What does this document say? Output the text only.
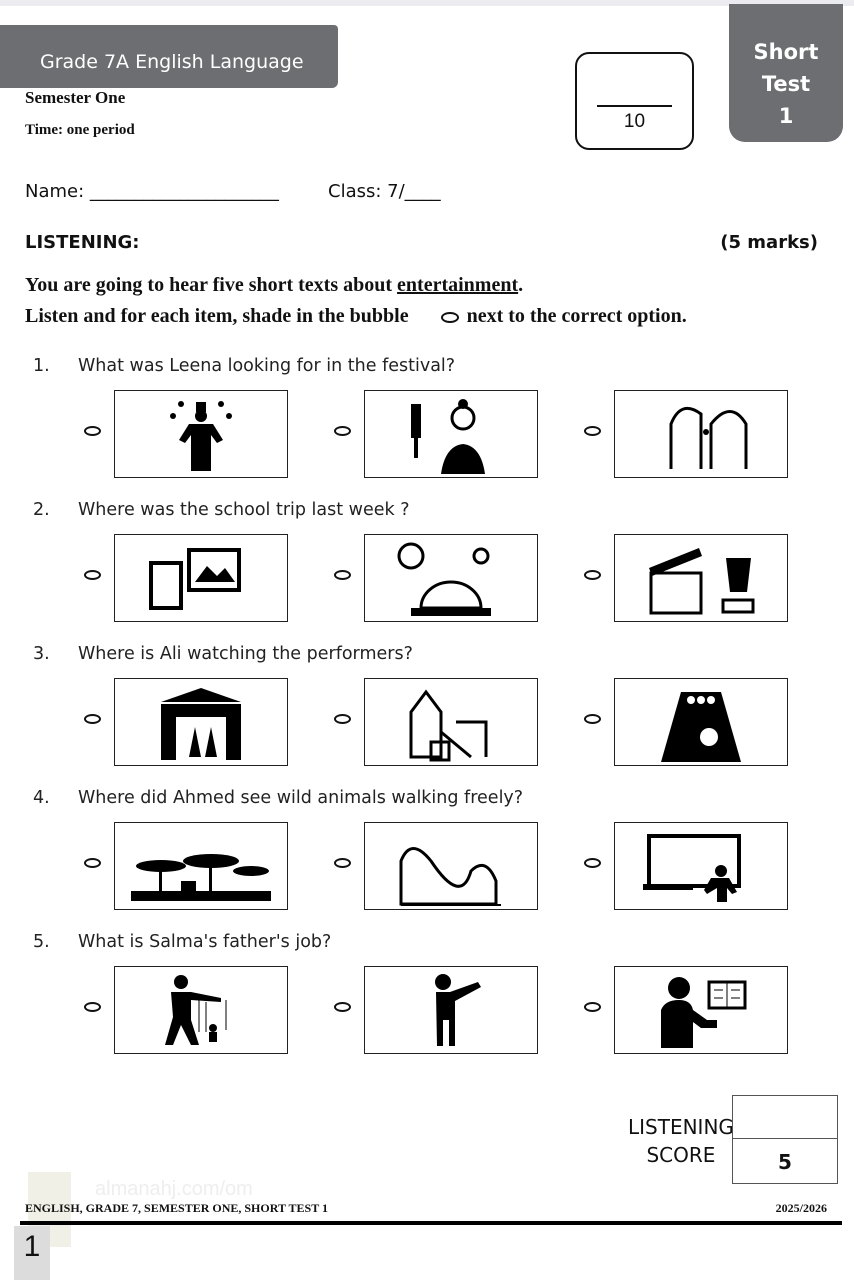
Grade 7A English Language
Semester One
Time: one period	10
Short
Test
1
Name: _____________________	Class: 7/____
LISTENING:	(5 marks)
You are going to hear five short texts about entertainment.
Listen and for each item, shade in the bubble	next to the correct option.
1. What was Leena looking for in the festival?
2. Where was the school trip last week ?
3. Where is Ali watching the performers?
4. Where did Ahmed see wild animals walking freely?
5. What is Salma's father's job?
LISTENING
SCORE	5
almanahj.com/om
ENGLISH, GRADE 7, SEMESTER ONE, SHORT TEST 1	2025/2026
1
